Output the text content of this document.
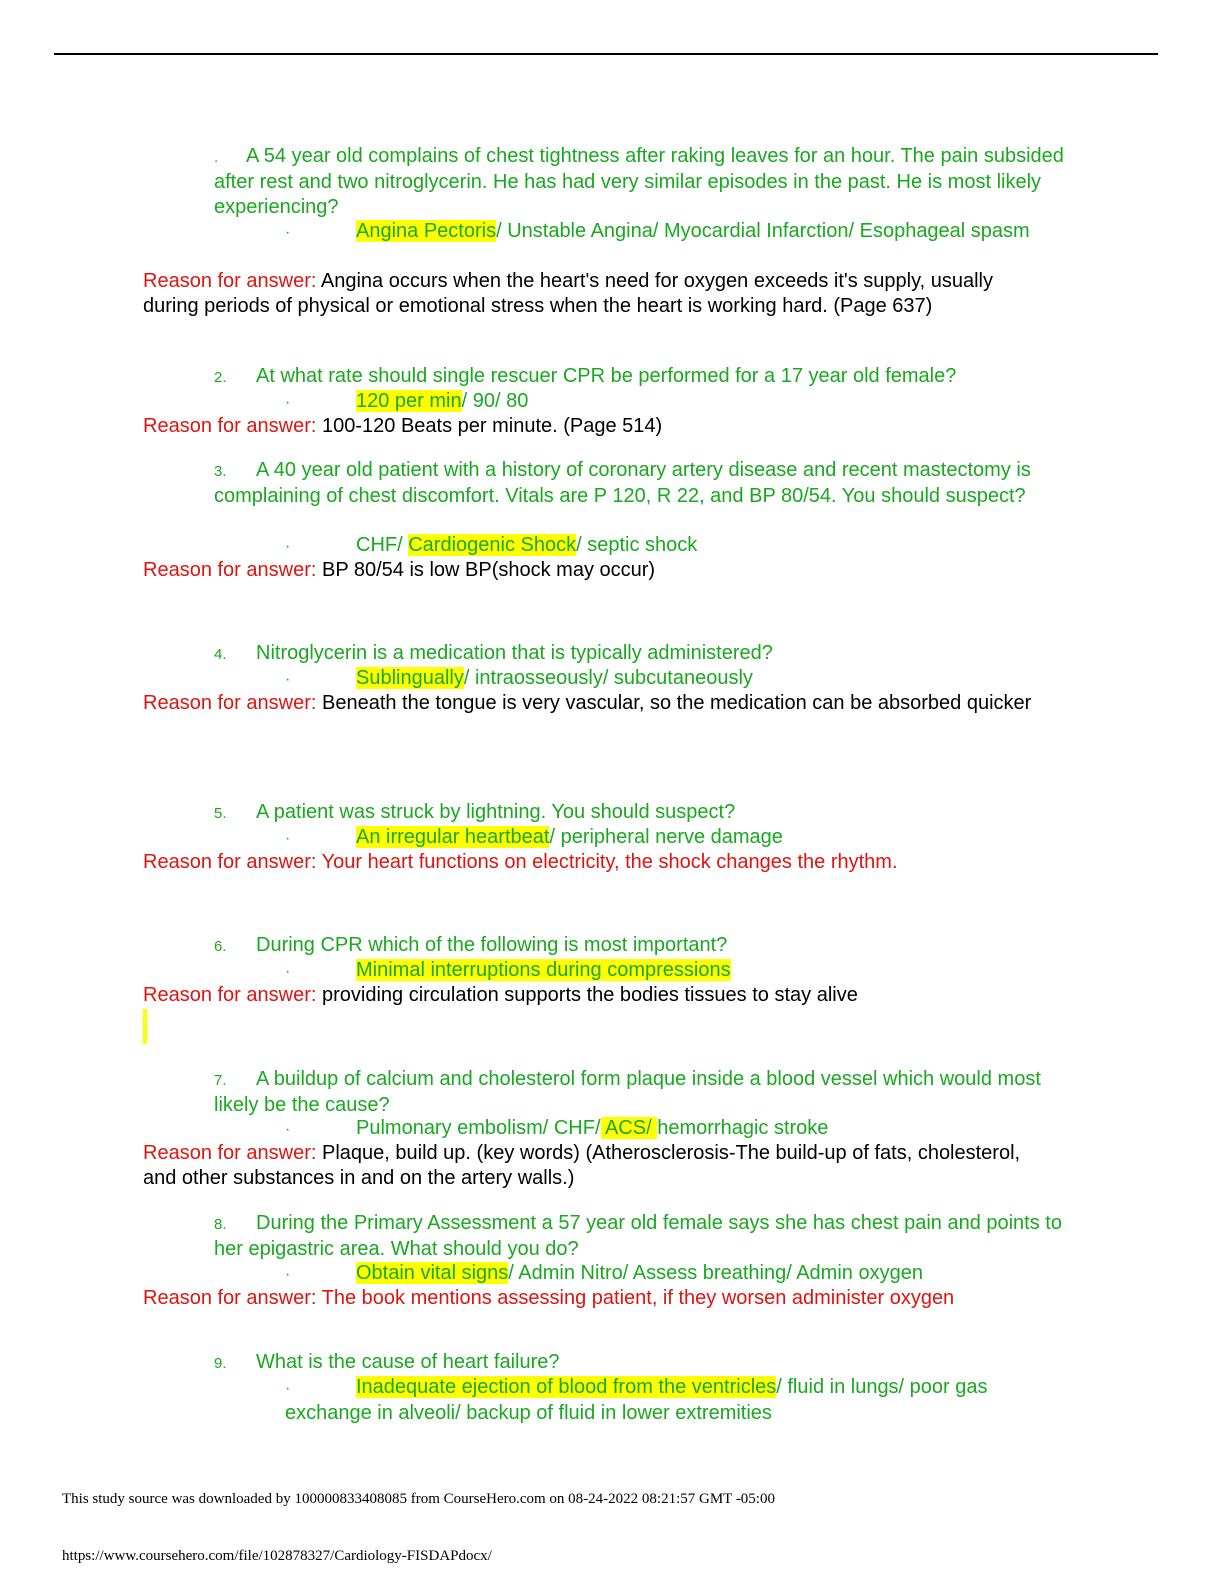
. A 54 year old complains of chest tightness after raking leaves for an hour. The pain subsided after rest and two nitroglycerin. He has had very similar episodes in the past. He is most likely experiencing?
·	Angina Pectoris/ Unstable Angina/ Myocardial Infarction/ Esophageal spasm
Reason for answer: Angina occurs when the heart's need for oxygen exceeds it's supply, usually during periods of physical or emotional stress when the heart is working hard. (Page 637)
2. At what rate should single rescuer CPR be performed for a 17 year old female?
·	120 per min/ 90/ 80
Reason for answer: 100-120 Beats per minute. (Page 514)
3. A 40 year old patient with a history of coronary artery disease and recent mastectomy is complaining of chest discomfort. Vitals are P 120, R 22, and BP 80/54. You should suspect?
·	CHF/ Cardiogenic Shock/ septic shock
Reason for answer: BP 80/54 is low BP(shock may occur)
4. Nitroglycerin is a medication that is typically administered?
·	Sublingually/ intraosseously/ subcutaneously
Reason for answer: Beneath the tongue is very vascular, so the medication can be absorbed quicker
5. A patient was struck by lightning. You should suspect?
·	An irregular heartbeat/ peripheral nerve damage
Reason for answer: Your heart functions on electricity, the shock changes the rhythm.
6. During CPR which of the following is most important?
·	Minimal interruptions during compressions
Reason for answer: providing circulation supports the bodies tissues to stay alive
7. A buildup of calcium and cholesterol form plaque inside a blood vessel which would most likely be the cause?
·	Pulmonary embolism/ CHF/ ACS/ hemorrhagic stroke
Reason for answer: Plaque, build up. (key words) (Atherosclerosis-The build-up of fats, cholesterol, and other substances in and on the artery walls.)
8. During the Primary Assessment a 57 year old female says she has chest pain and points to her epigastric area. What should you do?
·	Obtain vital signs/ Admin Nitro/ Assess breathing/ Admin oxygen
Reason for answer: The book mentions assessing patient, if they worsen administer oxygen
9. What is the cause of heart failure?
·	Inadequate ejection of blood from the ventricles/ fluid in lungs/ poor gas exchange in alveoli/ backup of fluid in lower extremities
This study source was downloaded by 100000833408085 from CourseHero.com on 08-24-2022 08:21:57 GMT -05:00
https://www.coursehero.com/file/102878327/Cardiology-FISDAPdocx/
